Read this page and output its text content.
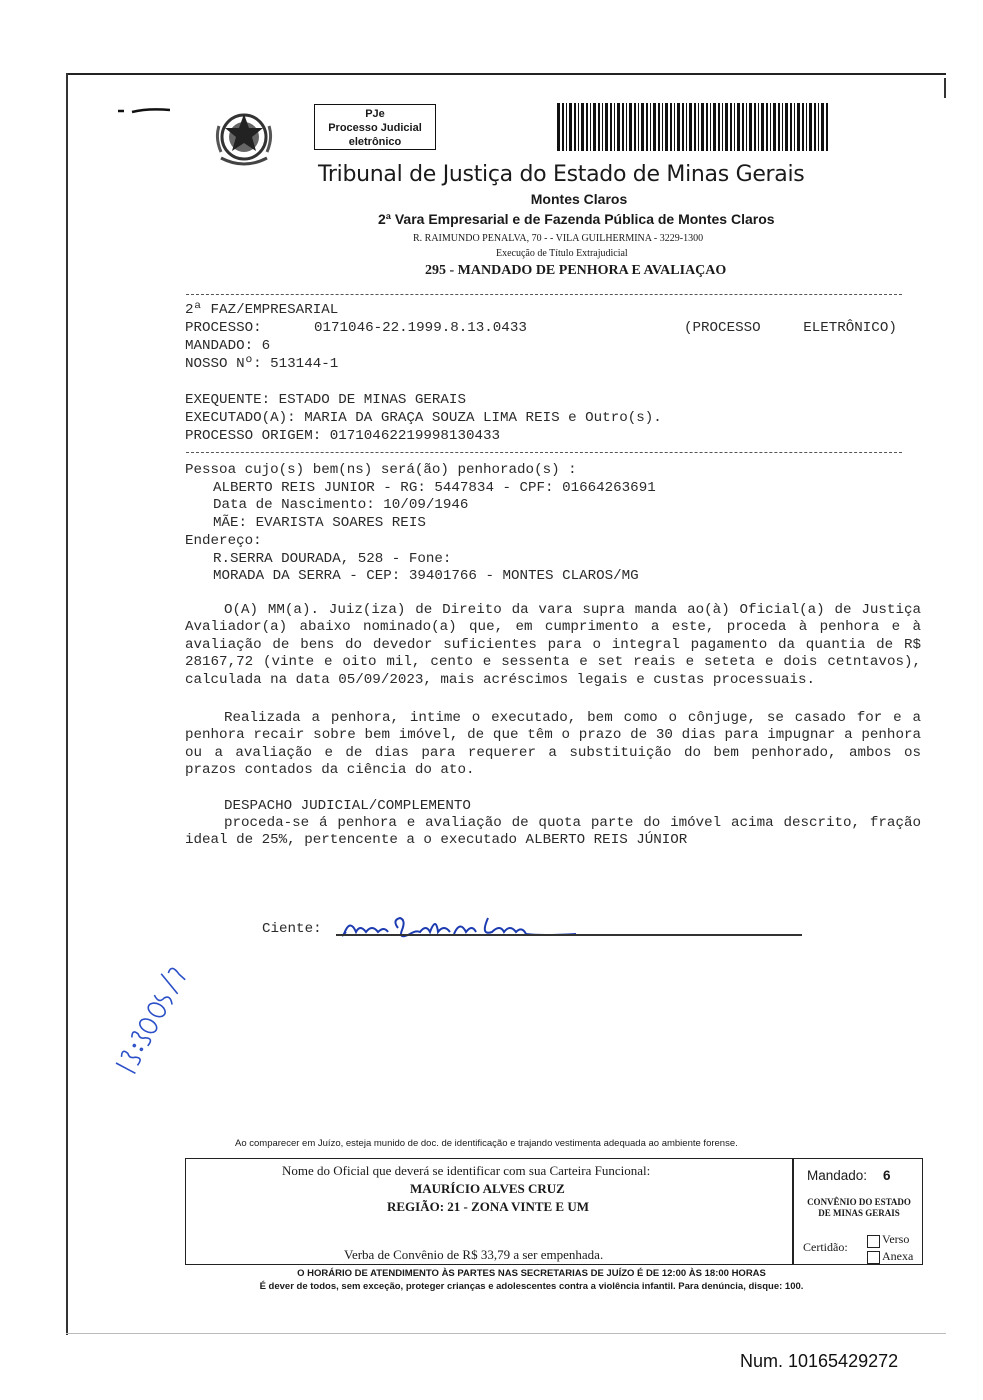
PJe
Processo Judicial
eletrônico
Tribunal de Justiça do Estado de Minas Gerais
Montes Claros
2ª Vara Empresarial e de Fazenda Pública de Montes Claros
R. RAIMUNDO PENALVA, 70 - - VILA GUILHERMINA - 3229-1300
Execução de Título Extrajudicial
295 - MANDADO DE PENHORA E AVALIAÇAO
2ª FAZ/EMPRESARIAL
PROCESSO:	0171046-22.1999.8.13.0433	(PROCESSO     ELETRÔNICO)
MANDADO: 6
NOSSO Nº: 513144-1
EXEQUENTE: ESTADO DE MINAS GERAIS
EXECUTADO(A): MARIA DA GRAÇA SOUZA LIMA REIS e Outro(s).
PROCESSO ORIGEM: 01710462219998130433
Pessoa cujo(s) bem(ns) será(ão) penhorado(s) :
ALBERTO REIS JUNIOR - RG: 5447834 - CPF: 01664263691
Data de Nascimento: 10/09/1946
MÃE: EVARISTA SOARES REIS
Endereço:
R.SERRA DOURADA, 528 - Fone:
MORADA DA SERRA - CEP: 39401766 - MONTES CLAROS/MG
O(A) MM(a). Juiz(iza) de Direito da vara supra manda ao(à) Oficial(a) de Justiça Avaliador(a) abaixo nominado(a) que, em cumprimento a este, proceda à penhora e à avaliação de bens do devedor suficientes para o integral pagamento da quantia de R$ 28167,72 (vinte e oito mil, cento e sessenta e set reais e seteta e dois cetntavos), calculada na data 05/09/2023, mais acréscimos legais e custas processuais.
Realizada a penhora, intime o executado, bem como o cônjuge, se casado for e a penhora recair sobre bem imóvel, de que têm o prazo de 30 dias para impugnar a penhora ou a avaliação e de dias para requerer a substituição do bem penhorado, ambos os prazos contados da ciência do ato.
DESPACHO JUDICIAL/COMPLEMENTO
proceda-se á penhora e avaliação de quota parte do imóvel acima descrito, fração ideal de 25%, pertencente a o executado ALBERTO REIS JÚNIOR
Ciente:
Ao comparecer em Juízo, esteja munido de doc. de identificação e trajando vestimenta adequada ao ambiente forense.
Nome do Oficial que deverá se identificar com sua Carteira Funcional:
MAURÍCIO ALVES CRUZ
REGIÃO: 21 - ZONA VINTE E UM
Verba de Convênio de R$ 33,79 a ser empenhada.
Mandado: 6
CONVÊNIO DO ESTADO
DE MINAS GERAIS
Certidão:
Verso
Anexa
O HORÁRIO DE ATENDIMENTO ÀS PARTES NAS SECRETARIAS DE JUÍZO É DE 12:00 ÀS 18:00 HORAS
É dever de todos, sem exceção, proteger crianças e adolescentes contra a violência infantil. Para denúncia, disque: 100.
Num. 10165429272
